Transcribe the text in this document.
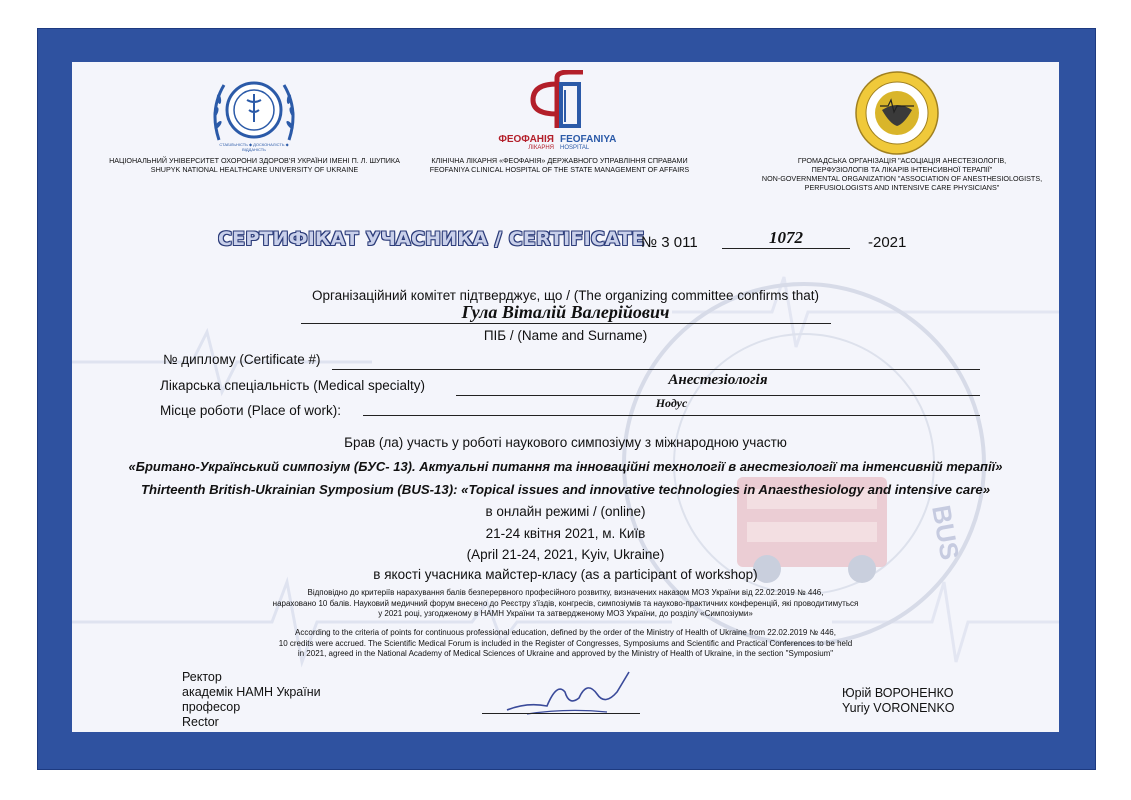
BUS
СТАБІЛЬНІСТЬ ◆ ДОСКОНАЛІСТЬ ◆ ВІДДАНІСТЬ
НАЦІОНАЛЬНИЙ УНІВЕРСИТЕТ ОХОРОНИ ЗДОРОВ'Я УКРАЇНИ ІМЕНІ П. Л. ШУПИКА
SHUPYK NATIONAL HEALTHCARE UNIVERSITY OF UKRAINE
ФЕОФАНІЯ
ЛІКАРНЯ
FEOFANIYA
HOSPITAL
КЛІНІЧНА ЛІКАРНЯ «ФЕОФАНІЯ» ДЕРЖАВНОГО УПРАВЛІННЯ СПРАВАМИ
FEOFANIYA CLINICAL HOSPITAL OF THE STATE MANAGEMENT OF AFFAIRS
ГРОМАДСЬКА ОРГАНІЗАЦІЯ "АСОЦІАЦІЯ АНЕСТЕЗІОЛОГІВ,
ПЕРФУЗІОЛОГІВ ТА ЛІКАРІВ ІНТЕНСИВНОЇ ТЕРАПІЇ"
NON-GOVERNMENTAL ORGANIZATION "ASSOCIATION OF ANESTHESIOLOGISTS,
PERFUSIOLOGISTS AND INTENSIVE CARE PHYSICIANS"
СЕРТИФІКАТ УЧАСНИКА / CERTIFICATE
№ 3 011	1072	-2021
Організаційний комітет підтверджує, що / (The organizing committee confirms that)
Гула Віталій Валерійович
ПІБ / (Name and Surname)
№ диплому (Certificate #)
Лікарська спеціальність (Medical specialty)	Анестезіологія
Місце роботи (Place of work):	Нодус
Брав (ла) участь у роботі наукового симпозіуму з міжнародною участю
«Британо-Український симпозіум (БУС- 13). Актуальні питання та інноваційні технології в анестезіології та інтенсивній терапії»
Thirteenth British-Ukrainian Symposium (BUS-13): «Topical issues and innovative technologies in Anaesthesiology and intensive care»
в онлайн режимі / (online)
21-24 квітня 2021, м. Київ
(April 21-24, 2021, Kyiv, Ukraine)
в якості учасника майстер-класу (as a participant of workshop)
Відповідно до критеріїв нарахування балів безперервного професійного розвитку, визначених наказом МОЗ України від 22.02.2019 № 446,
нараховано 10 балів. Науковий медичний форум внесено до Реєстру з'їздів, конгресів, симпозіумів та науково-практичних конференцій, які проводитимуться
у 2021 році, узгодженому в НАМН України та затвердженому МОЗ України, до розділу «Симпозіуми»
According to the criteria of points for continuous professional education, defined by the order of the Ministry of Health of Ukraine from 22.02.2019 № 446,
10 credits were accrued. The Scientific Medical Forum is included in the Register of Congresses, Symposiums and Scientific and Practical Conferences to be held
in 2021, agreed in the National Academy of Medical Sciences of Ukraine and approved by the Ministry of Health of Ukraine, in the section "Symposium"
Ректор
академік НАМН України
професор
Rector
Юрій ВОРОНЕНКО
Yuriy VORONENKO
